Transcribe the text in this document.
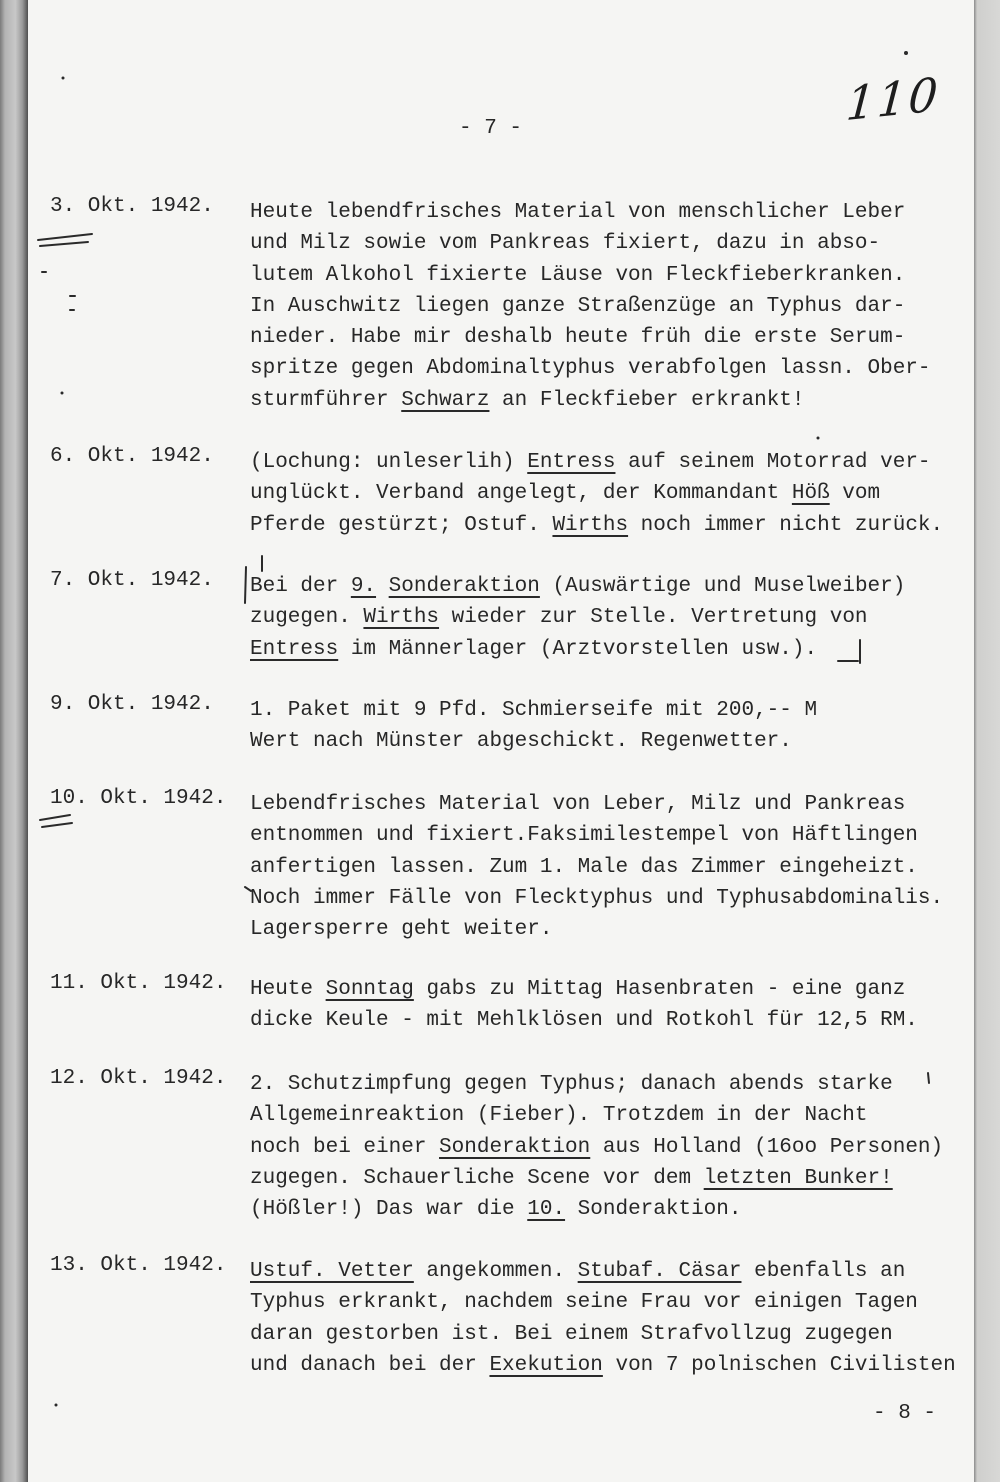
110
- 7 -
3. Okt. 1942. Heute lebendfrisches Material von menschlicher Leber
und Milz sowie vom Pankreas fixiert, dazu in abso-
lutem Alkohol fixierte Läuse von Fleckfieberkranken.
In Auschwitz liegen ganze Straßenzüge an Typhus dar-
nieder. Habe mir deshalb heute früh die erste Serum-
spritze gegen Abdominaltyphus verabfolgen lassn. Ober-
sturmführer Schwarz an Fleckfieber erkrankt!
6. Okt. 1942. (Lochung: unleserlih) Entress auf seinem Motorrad ver-
unglückt. Verband angelegt, der Kommandant Höß vom
Pferde gestürzt; Ostuf. Wirths noch immer nicht zurück.
7. Okt. 1942. Bei der 9. Sonderaktion (Auswärtige und Muselweiber)
zugegen. Wirths wieder zur Stelle. Vertretung von
Entress im Männerlager (Arztvorstellen usw.).
9. Okt. 1942. 1. Paket mit 9 Pfd. Schmierseife mit 200,-- M
Wert nach Münster abgeschickt. Regenwetter.
10. Okt. 1942. Lebendfrisches Material von Leber, Milz und Pankreas
entnommen und fixiert.Faksimilestempel von Häftlingen
anfertigen lassen. Zum 1. Male das Zimmer eingeheizt.
Noch immer Fälle von Flecktyphus und Typhusabdominalis.
Lagersperre geht weiter.
11. Okt. 1942. Heute Sonntag gabs zu Mittag Hasenbraten - eine ganz
dicke Keule - mit Mehlklösen und Rotkohl für 12,5 RM.
12. Okt. 1942. 2. Schutzimpfung gegen Typhus; danach abends starke
Allgemeinreaktion (Fieber). Trotzdem in der Nacht
noch bei einer Sonderaktion aus Holland (16oo Personen)
zugegen. Schauerliche Scene vor dem letzten Bunker!
(Hößler!) Das war die 10. Sonderaktion.
13. Okt. 1942. Ustuf. Vetter angekommen. Stubaf. Cäsar ebenfalls an
Typhus erkrankt, nachdem seine Frau vor einigen Tagen
daran gestorben ist. Bei einem Strafvollzug zugegen
und danach bei der Exekution von 7 polnischen Civilisten
- 8 -
